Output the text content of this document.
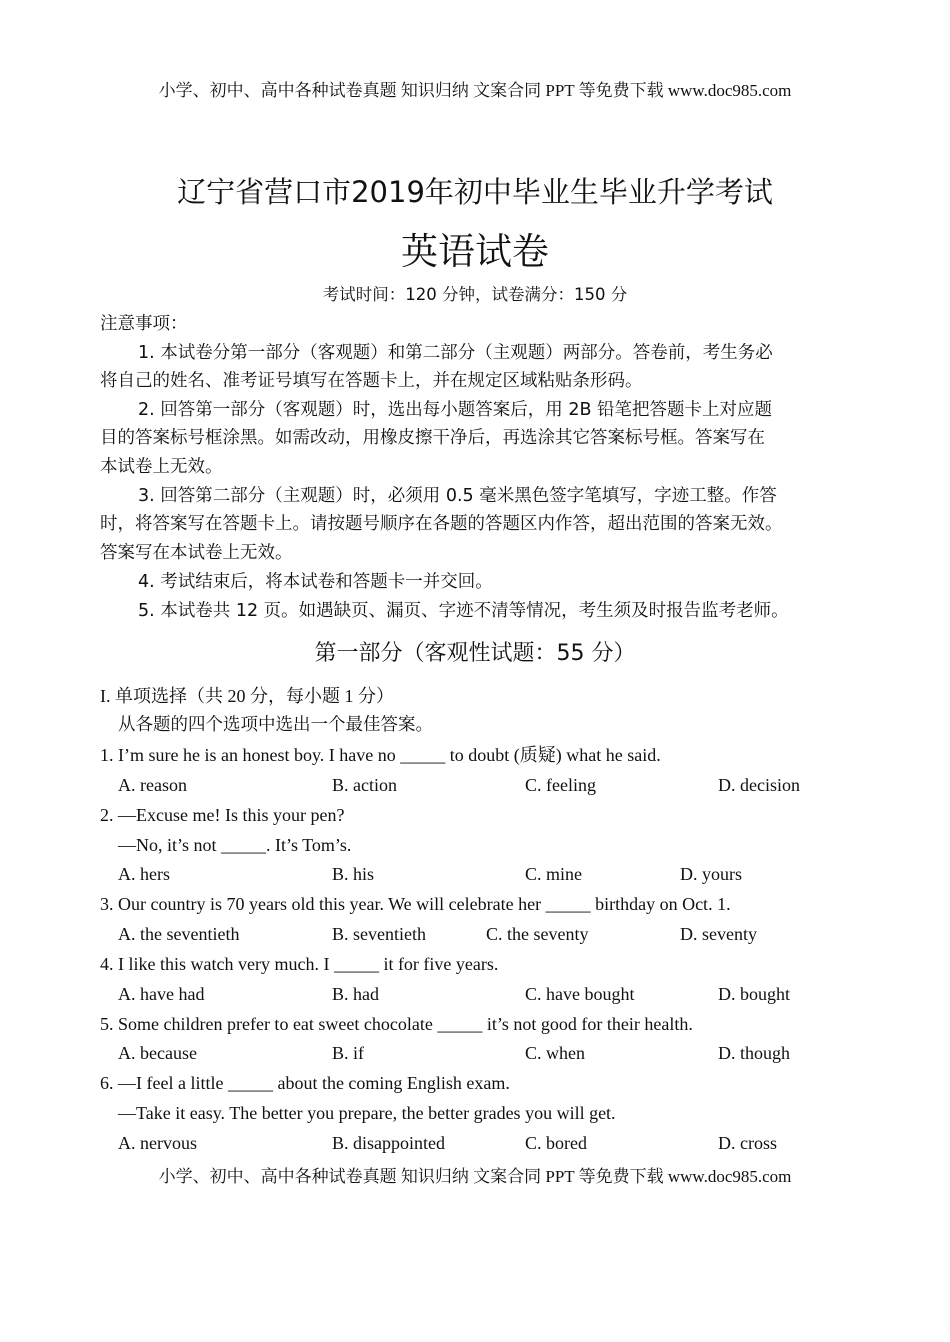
小学、初中、高中各种试卷真题 知识归纳 文案合同 PPT 等免费下载 www.doc985.com
辽宁省营口市2019年初中毕业生毕业升学考试
英语试卷
考试时间：120 分钟，试卷满分：150 分
注意事项：
1. 本试卷分第一部分（客观题）和第二部分（主观题）两部分。答卷前，考生务必
将自己的姓名、准考证号填写在答题卡上，并在规定区域粘贴条形码。
2. 回答第一部分（客观题）时，选出每小题答案后，用 2B 铅笔把答题卡上对应题
目的答案标号框涂黑。如需改动，用橡皮擦干净后，再选涂其它答案标号框。答案写在
本试卷上无效。
3. 回答第二部分（主观题）时，必须用 0.5 毫米黑色签字笔填写，字迹工整。作答
时，将答案写在答题卡上。请按题号顺序在各题的答题区内作答，超出范围的答案无效。
答案写在本试卷上无效。
4. 考试结束后，将本试卷和答题卡一并交回。
5. 本试卷共 12 页。如遇缺页、漏页、字迹不清等情况，考生须及时报告监考老师。
第一部分（客观性试题：55 分）
I. 单项选择（共 20 分，每小题 1 分）
从各题的四个选项中选出一个最佳答案。
1. I’m sure he is an honest boy. I have no _____ to doubt (质疑) what he said.
A. reason	B. action	C. feeling	D. decision
2. —Excuse me! Is this your pen?
—No, it’s not _____. It’s Tom’s.
A. hers	B. his	C. mine	D. yours
3. Our country is 70 years old this year. We will celebrate her _____ birthday on Oct. 1.
A. the seventieth	B. seventieth	C. the seventy	D. seventy
4. I like this watch very much. I _____ it for five years.
A. have had	B. had	C. have bought	D. bought
5. Some children prefer to eat sweet chocolate _____ it’s not good for their health.
A. because	B. if	C. when	D. though
6. —I feel a little _____ about the coming English exam.
—Take it easy. The better you prepare, the better grades you will get.
A. nervous	B. disappointed	C. bored	D. cross
小学、初中、高中各种试卷真题 知识归纳 文案合同 PPT 等免费下载 www.doc985.com
